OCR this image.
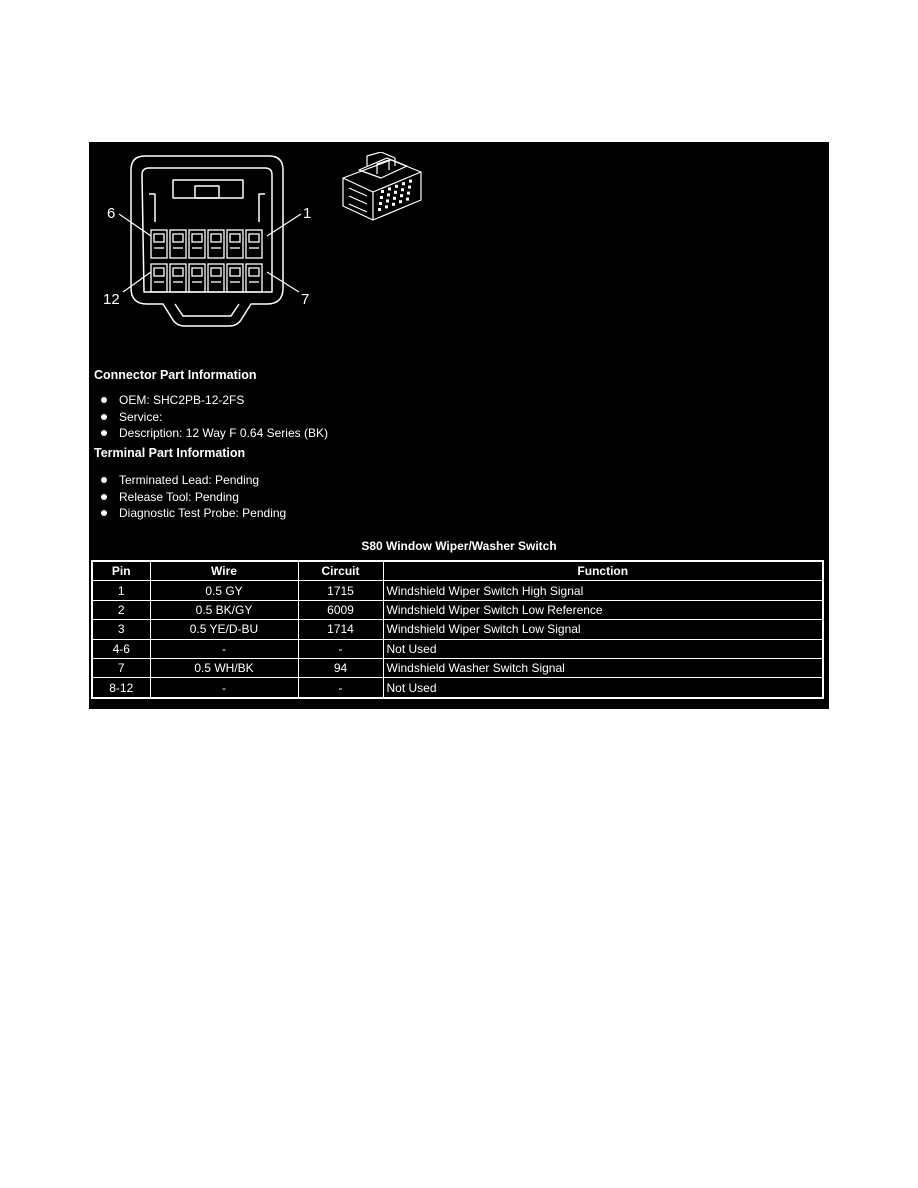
6	1
12	7
Connector Part Information
OEM: SHC2PB-12-2FS
Service:
Description: 12 Way F 0.64 Series (BK)
Terminal Part Information
Terminated Lead: Pending
Release Tool: Pending
Diagnostic Test Probe: Pending
S80 Window Wiper/Washer Switch
Pin	Wire	Circuit	Function
1	0.5 GY	1715	Windshield Wiper Switch High Signal
2	0.5 BK/GY	6009	Windshield Wiper Switch Low Reference
3	0.5 YE/D-BU	1714	Windshield Wiper Switch Low Signal
4-6	-	-	Not Used
7	0.5 WH/BK	94	Windshield Washer Switch Signal
8-12	-	-	Not Used
